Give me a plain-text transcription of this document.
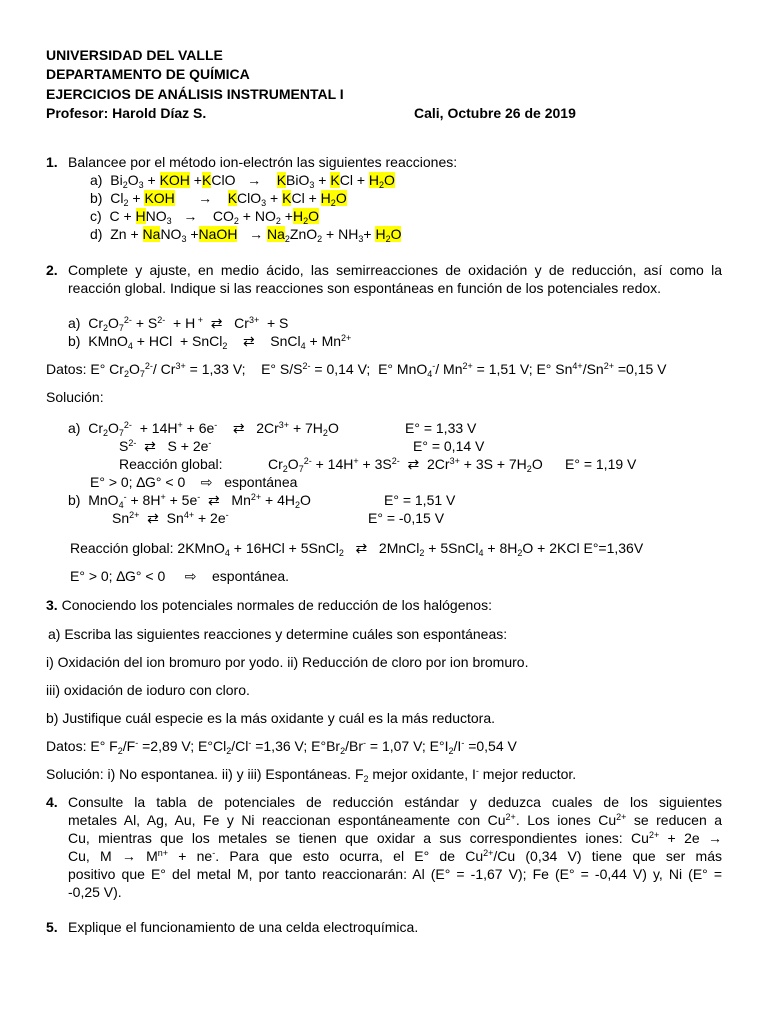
UNIVERSIDAD DEL VALLE
DEPARTAMENTO DE QUÍMICA
EJERCICIOS DE ANÁLISIS INSTRUMENTAL I
Profesor: Harold Díaz S.	Cali, Octubre 26 de 2019
1. Balancee por el método ion-electrón las siguientes reacciones:
a)  $Bi_2O_3$ + KOH +KClO   →    KBiO$_3$ + KCl + $H_2O$
b)  $Cl_2$ + KOH      →    KClO$_3$ + KCl + $H_2O$
c)  $C + HNO_3$   →    $CO_2 + NO_2 +H_2O$
d)  Zn + NaNO$_3$ +NaOH   → $Na_2ZnO_2 + NH_3+ H_2O$
2. Complete y ajuste, en medio ácido, las semirreacciones de oxidación y de reducción, así como la
reacción global. Indique si las reacciones son espontáneas en función de los potenciales redox.
a)  $Cr_2O_7^{2-} + S^{2-} + H$ +  ⇄   $Cr^{3+} + S$
b)  KMnO$_4$ + HCl  + SnCl$_2$    ⇄    SnCl$_4$ + $Mn^{2+}$
Datos: E° $Cr_2O_7^{2-}/$ $Cr^{3+} = 1,33$ V;    E° $S/S^{2-} = 0,14$ V;  E° MnO$_4$-/ $Mn^{2+} = 1,51$ V; E° $Sn^{4+}/Sn^{2+} =0,15$ V
Solución:
a)  $Cr_2O_7^{2-} + 14H^+ + 6e^-$    ⇄   $2Cr^{3+} + 7H_2O$	E° = 1,33 V
$S^{2-}$  ⇄   S + 2e-	E° = 0,14 V
Reacción global:	$Cr_2O_7^{2-} + 14H^+ + 3S^{2-}$  ⇄  $2Cr^{3+} + 3S + 7H_2O$ E° = 1,19 V
E° > 0; ∆G° < 0    ⇨   espontánea
b)  MnO$_4$- + 8H+ + 5e-  ⇄   $Mn^{2+} + 4H_2O$	E° = 1,51 V
$Sn^{2+}$  ⇄  $Sn^{4+} + 2e^-$	E° = -0,15 V
Reacción global: 2KMnO$_4$ + 16HCl + 5SnCl$_2$   ⇄   2MnCl$_2$ + 5SnCl$_4$ + $8H_2O + 2KCl$ E°=1,36V
E° > 0; ∆G° < 0     ⇨    espontánea.
3. Conociendo los potenciales normales de reducción de los halógenos:
a) Escriba las siguientes reacciones y determine cuáles son espontáneas:
i) Oxidación del ion bromuro por yodo. ii) Reducción de cloro por ion bromuro.
iii) oxidación de ioduro con cloro.
b) Justifique cuál especie es la más oxidante y cuál es la más reductora.
Datos: E° $F_2/F^- =2,89$ V; $E^\circ Cl_2/Cl^- =1,36$ V; $E^\circ Br_2/Br^- = 1,07$ V; $E^\circ I_2/I^- =0,54$ V
Solución: i) No espontanea. ii) y iii) Espontáneas. $F_2$ mejor oxidante, I- mejor reductor.
4. Consulte la tabla de potenciales de reducción estándar y deduzca cuales de los siguientes
metales Al, Ag, Au, Fe y Ni reaccionan espontáneamente con $Cu^{2+}$. Los iones $Cu^{2+}$ se reducen a
Cu, mientras que los metales se tienen que oxidar a sus correspondientes iones: $Cu^{2+} + 2e$ →
Cu, $M \to M^{n+} + ne^-$. Para que esto ocurra, el E° de $Cu^{2+}/Cu$ (0,34 V) tiene que ser más
positivo que E° del metal M, por tanto reaccionarán: Al (E° = -1,67 V); Fe (E° = -0,44 V) y, Ni (E° =
-0,25 V).
5. Explique el funcionamiento de una celda electroquímica.
